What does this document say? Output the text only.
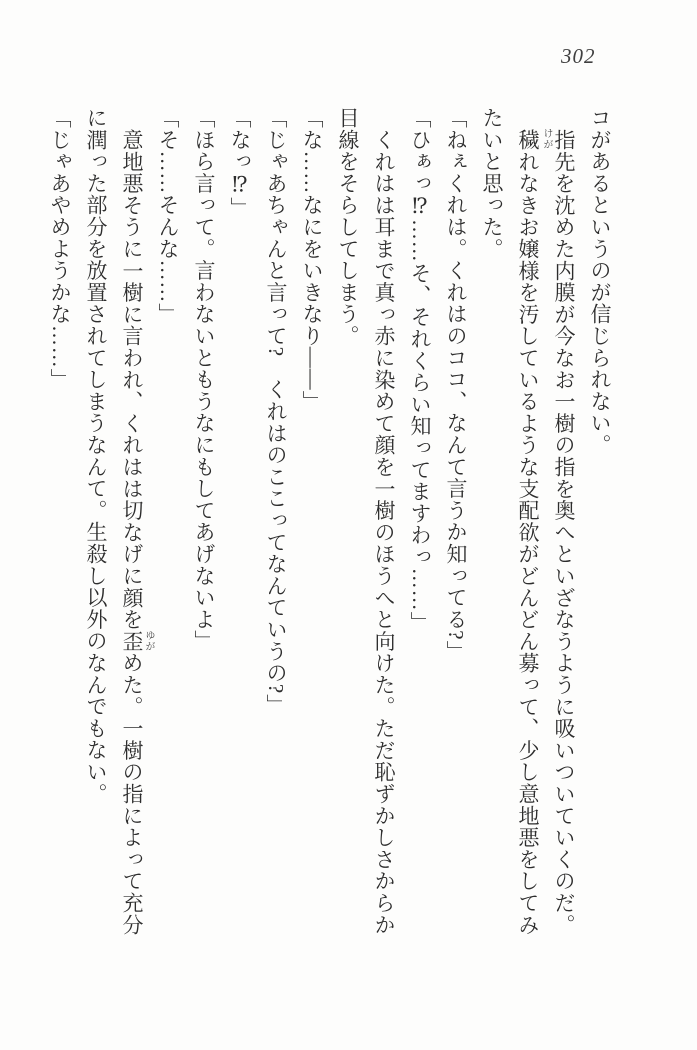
302
コがあるというのが信じられない。
指先を沈めた内膜が今なお一樹の指を奥へといざなうように吸いついていくのだ。
穢れなきお嬢様を汚しているような支配欲がどんどん募って、少し意地悪をしてみ
たいと思った。
「ねぇくれは。くれはのココ、なんて言うか知ってる?」
「ひぁっ⁉……そ、それくらい知ってますわっ……」
くれはは耳まで真っ赤に染めて顔を一樹のほうへと向けた。ただ恥ずかしさからか
目線をそらしてしまう。
「な……なにをいきなり――」
「じゃあちゃんと言って?　くれはのここってなんていうの?」
「なっ⁉」
「ほら言って。言わないともうなにもしてあげないよ」
「そ……そんな……」
意地悪そうに一樹に言われ、くれはは切なげに顔を歪めた。一樹の指によって充分
に潤った部分を放置されてしまうなんて。生殺し以外のなんでもない。
「じゃあやめようかな……」	けが
ゆが
